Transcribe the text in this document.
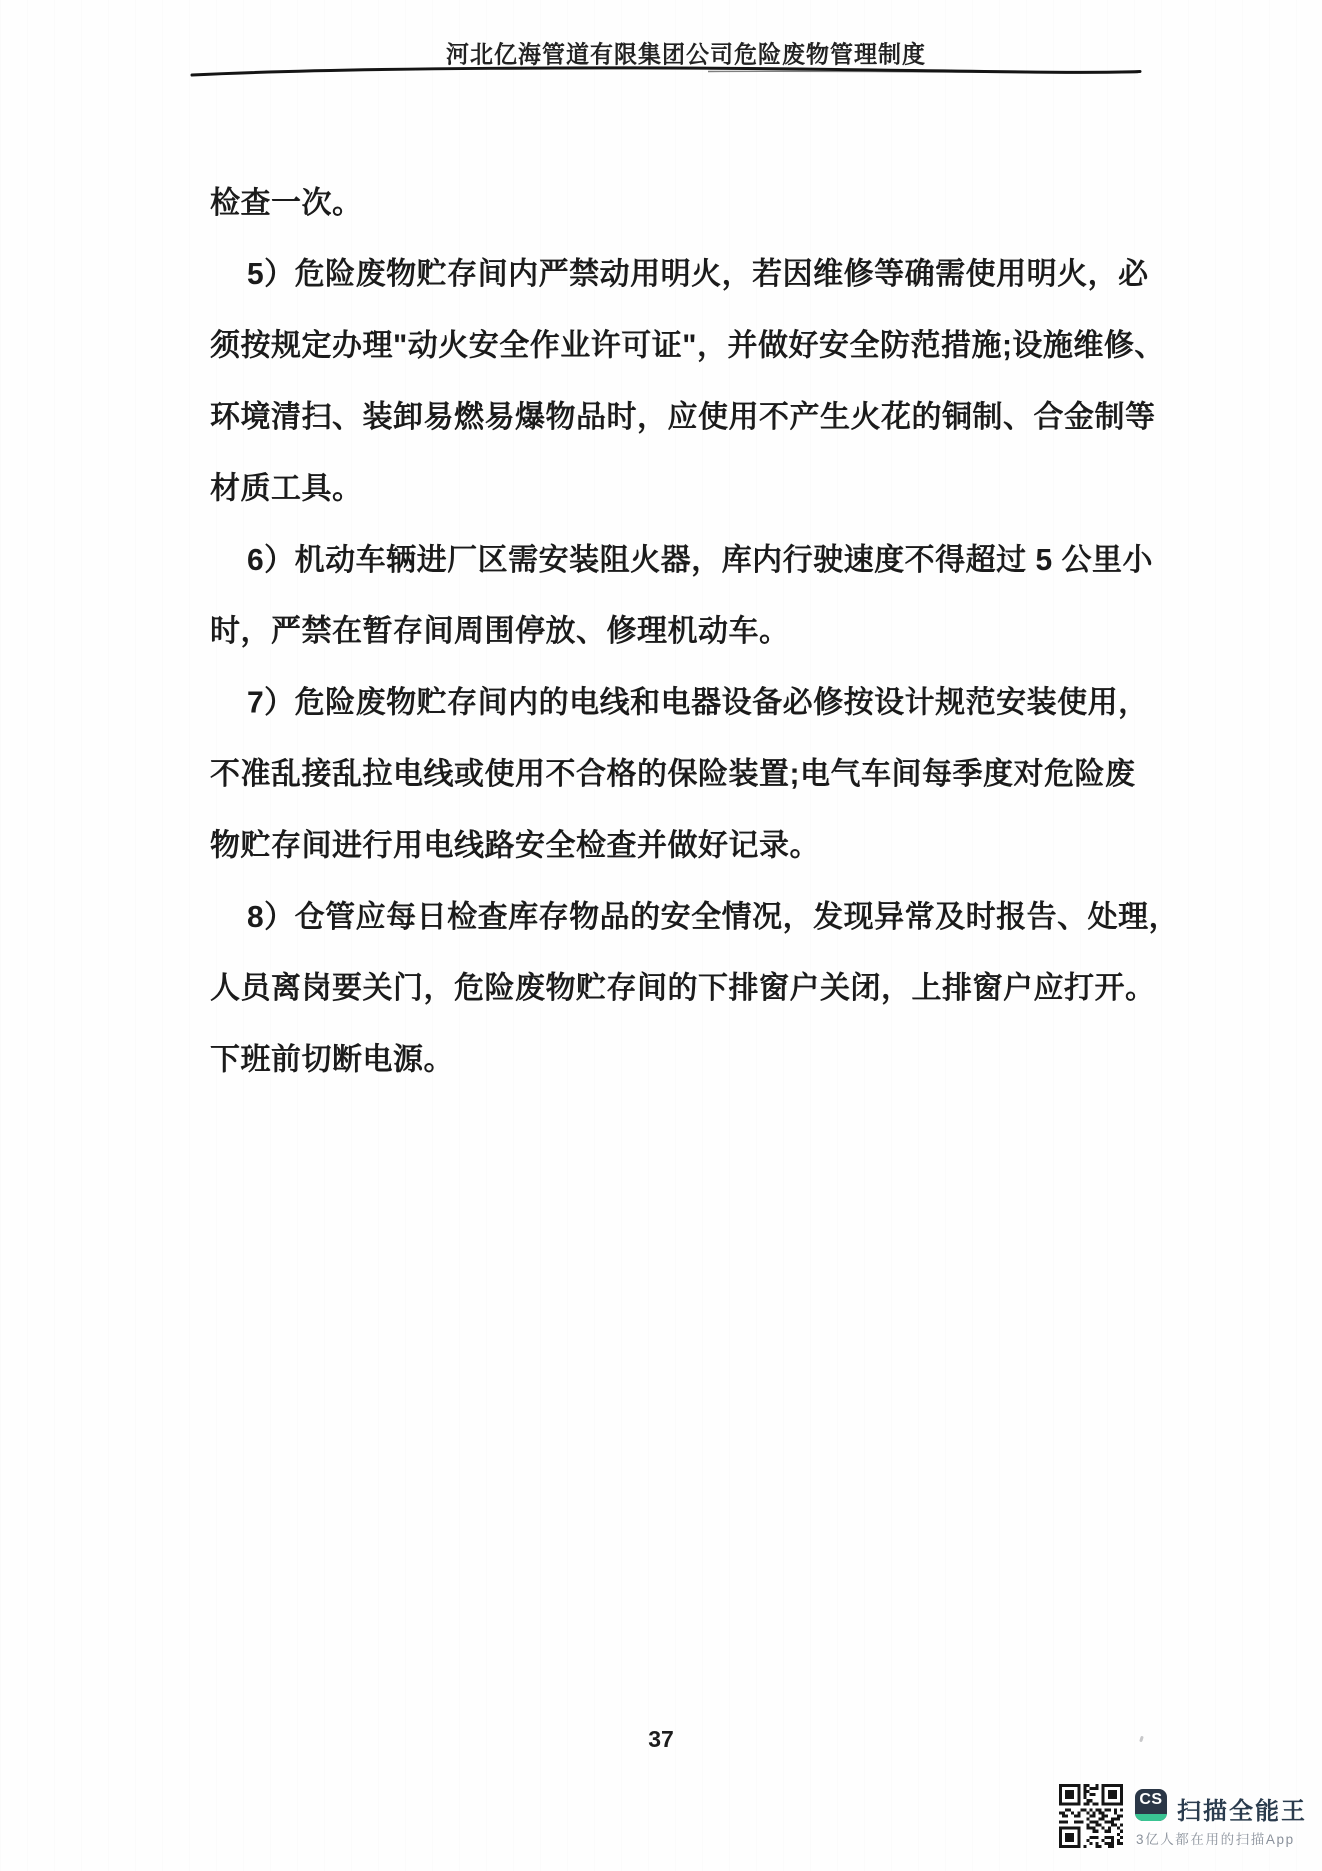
河北亿海管道有限集团公司危险废物管理制度
检查一次。
5）危险废物贮存间内严禁动用明火，若因维修等确需使用明火，必
须按规定办理"动火安全作业许可证"，并做好安全防范措施;设施维修、
环境清扫、装卸易燃易爆物品时，应使用不产生火花的铜制、合金制等
材质工具。
6）机动车辆进厂区需安装阻火器，库内行驶速度不得超过 5 公里小
时，严禁在暂存间周围停放、修理机动车。
7）危险废物贮存间内的电线和电器设备必修按设计规范安装使用，
不准乱接乱拉电线或使用不合格的保险装置;电气车间每季度对危险废
物贮存间进行用电线路安全检查并做好记录。
8）仓管应每日检查库存物品的安全情况，发现异常及时报告、处理，
人员离岗要关门，危险废物贮存间的下排窗户关闭，上排窗户应打开。
下班前切断电源。
37
CS 扫描全能王
3亿人都在用的扫描App
